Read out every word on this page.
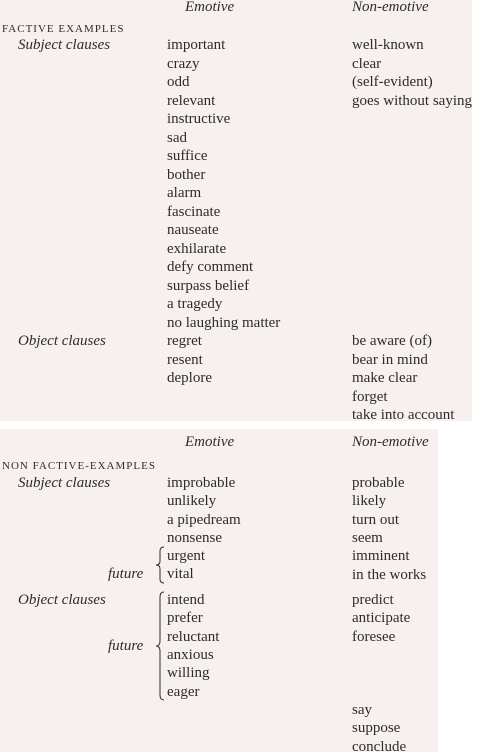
Emotive	Non-emotive
FACTIVE EXAMPLES
Subject clauses
Object clauses
important
crazy
odd
relevant
instructive
sad
suffice
bother
alarm
fascinate
nauseate
exhilarate
defy comment
surpass belief
a tragedy
no laughing matter
well-known
clear
(self-evident)
goes without saying
regret
resent
deplore
be aware (of)
bear in mind
make clear
forget
take into account
Emotive	Non-emotive
NON FACTIVE-EXAMPLES
Subject clauses
Object clauses
future
future
improbable
unlikely
a pipedream
nonsense
urgent
vital
probable
likely
turn out
seem
imminent
in the works
intend
prefer
reluctant
anxious
willing
eager
predict
anticipate
foresee
say
suppose
conclude
